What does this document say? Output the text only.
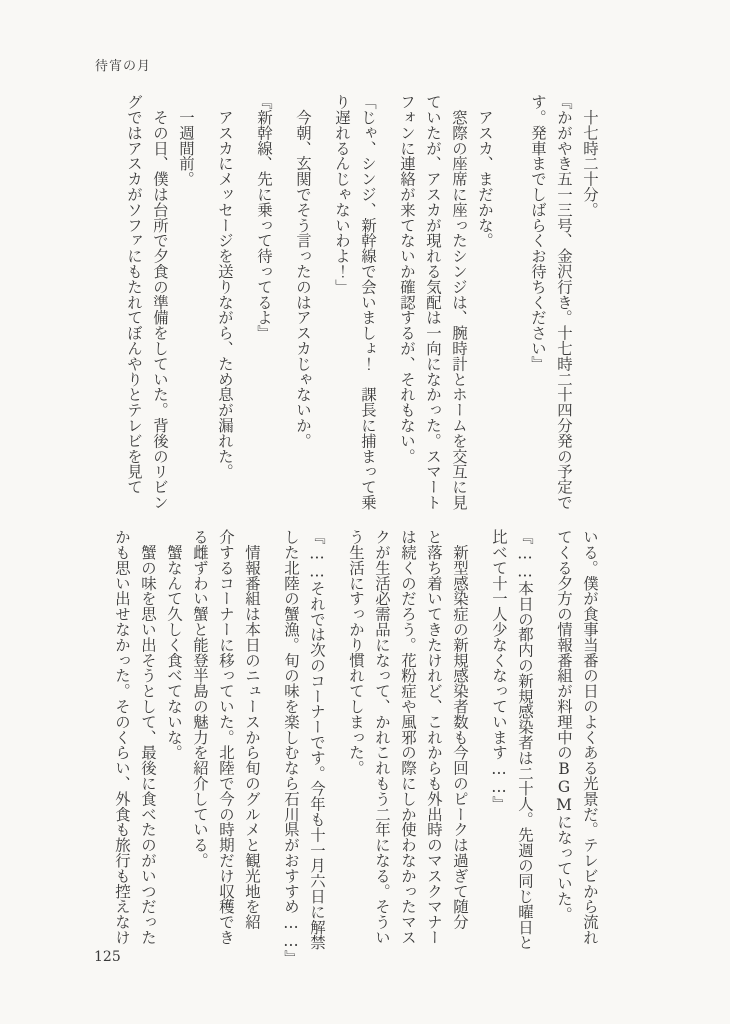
待宵の月
　十七時二十分。
『かがやき五一三号、金沢行き。十七時二十四分発の予定で
す。発車までしばらくお待ちください』
　アスカ、まだかな。
　窓際の座席に座ったシンジは、腕時計とホームを交互に見
ていたが、アスカが現れる気配は一向になかった。スマート
フォンに連絡が来てないか確認するが、それもない。
「じゃ、シンジ、新幹線で会いましょ！　課長に捕まって乗
り遅れるんじゃないわよ！」
　今朝、玄関でそう言ったのはアスカじゃないか。
『新幹線、先に乗って待ってるよ』
　アスカにメッセージを送りながら、ため息が漏れた。
　一週間前。
　その日、僕は台所で夕食の準備をしていた。背後のリビン
グではアスカがソファにもたれてぼんやりとテレビを見て
いる。僕が食事当番の日のよくある光景だ。テレビから流れ
てくる夕方の情報番組が料理中のBGMになっていた。
『……本日の都内の新規感染者は二十人。先週の同じ曜日と
比べて十一人少なくなっています……』
　新型感染症の新規感染者数も今回のピークは過ぎて随分
と落ち着いてきたけれど、これからも外出時のマスクマナー
は続くのだろう。花粉症や風邪の際にしか使わなかったマス
クが生活必需品になって、かれこれもう二年になる。そうい
う生活にすっかり慣れてしまった。
『……それでは次のコーナーです。今年も十一月六日に解禁
した北陸の蟹漁。旬の味を楽しむなら石川県がおすすめ……』
　情報番組は本日のニュースから旬のグルメと観光地を紹
介するコーナーに移っていた。北陸で今の時期だけ収穫でき
る雌ずわい蟹と能登半島の魅力を紹介している。
　蟹なんて久しく食べてないな。
　蟹の味を思い出そうとして、最後に食べたのがいつだった
かも思い出せなかった。そのくらい、外食も旅行も控えなけ
125
